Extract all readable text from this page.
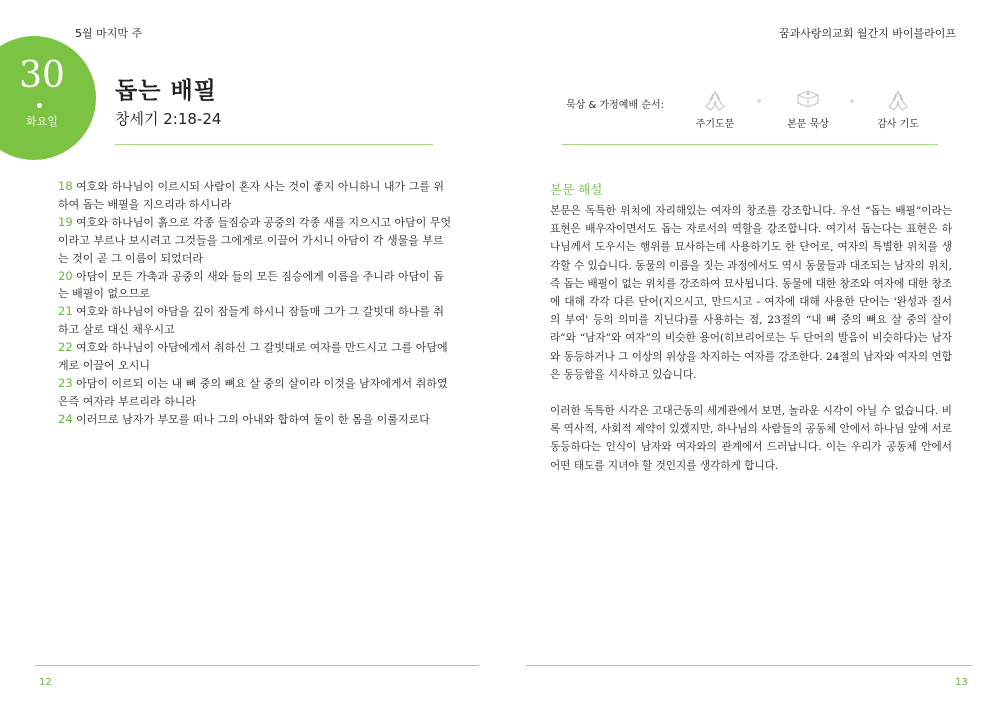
5월 마지막 주	꿈과사랑의교회 월간지 바이블라이프
30
화요일
돕는 배필
창세기 2:18-24
묵상 & 가정예배 순서:
주기도문	본문 묵상	감사 기도
18 여호와 하나님이 이르시되 사람이 혼자 사는 것이 좋지 아니하니 내가 그를 위하여 돕는 배필을 지으리라 하시니라
19 여호와 하나님이 흙으로 각종 들짐승과 공중의 각종 새를 지으시고 아담이 무엇이라고 부르나 보시려고 그것들을 그에게로 이끌어 가시니 아담이 각 생물을 부르는 것이 곧 그 이름이 되었더라
20 아담이 모든 가축과 공중의 새와 들의 모든 짐승에게 이름을 주니라 아담이 돕는 배필이 없으므로
21 여호와 하나님이 아담을 깊이 잠들게 하시니 잠들매 그가 그 갈빗대 하나를 취하고 살로 대신 채우시고
22 여호와 하나님이 아담에게서 취하신 그 갈빗대로 여자를 만드시고 그를 아담에게로 이끌어 오시니
23 아담이 이르되 이는 내 뼈 중의 뼈요 살 중의 살이라 이것을 남자에게서 취하였은즉 여자라 부르리라 하니라
24 이러므로 남자가 부모를 떠나 그의 아내와 합하여 둘이 한 몸을 이룰지로다
본문 해설

본문은 독특한 위치에 자리해있는 여자의 창조를 강조합니다. 우선 “돕는 배필”이라는 표현은 배우자이면서도 돕는 자로서의 역할을 강조합니다. 여기서 돕는다는 표현은 하나님께서 도우시는 행위를 묘사하는데 사용하기도 한 단어로, 여자의 특별한 위치를 생각할 수 있습니다. 동물의 이름을 짓는 과정에서도 역시 동물들과 대조되는 남자의 위치, 즉 돕는 배필이 없는 위치를 강조하여 묘사됩니다. 동물에 대한 창조와 여자에 대한 창조에 대해 각각 다른 단어(지으시고, 만드시고 - 여자에 대해 사용한 단어는 '완성과 질서의 부여' 등의 의미를 지닌다)를 사용하는 점, 23절의 “내 뼈 중의 뼈요 살 중의 살이라”와 “남자”와 여자”의 비슷한 용어(히브리어로는 두 단어의 발음이 비슷하다)는 남자와 동등하거나 그 이상의 위상을 차지하는 여자를 강조한다. 24절의 남자와 여자의 연합은 동등함을 시사하고 있습니다.

이러한 독특한 시각은 고대근동의 세계관에서 보면, 놀라운 시각이 아닐 수 없습니다. 비록 역사적, 사회적 제약이 있겠지만, 하나님의 사람들의 공동체 안에서 하나님 앞에 서로 동등하다는 인식이 남자와 여자와의 관계에서 드러납니다. 이는 우리가 공동체 안에서 어떤 태도를 지녀야 할 것인지를 생각하게 합니다.

12	13
